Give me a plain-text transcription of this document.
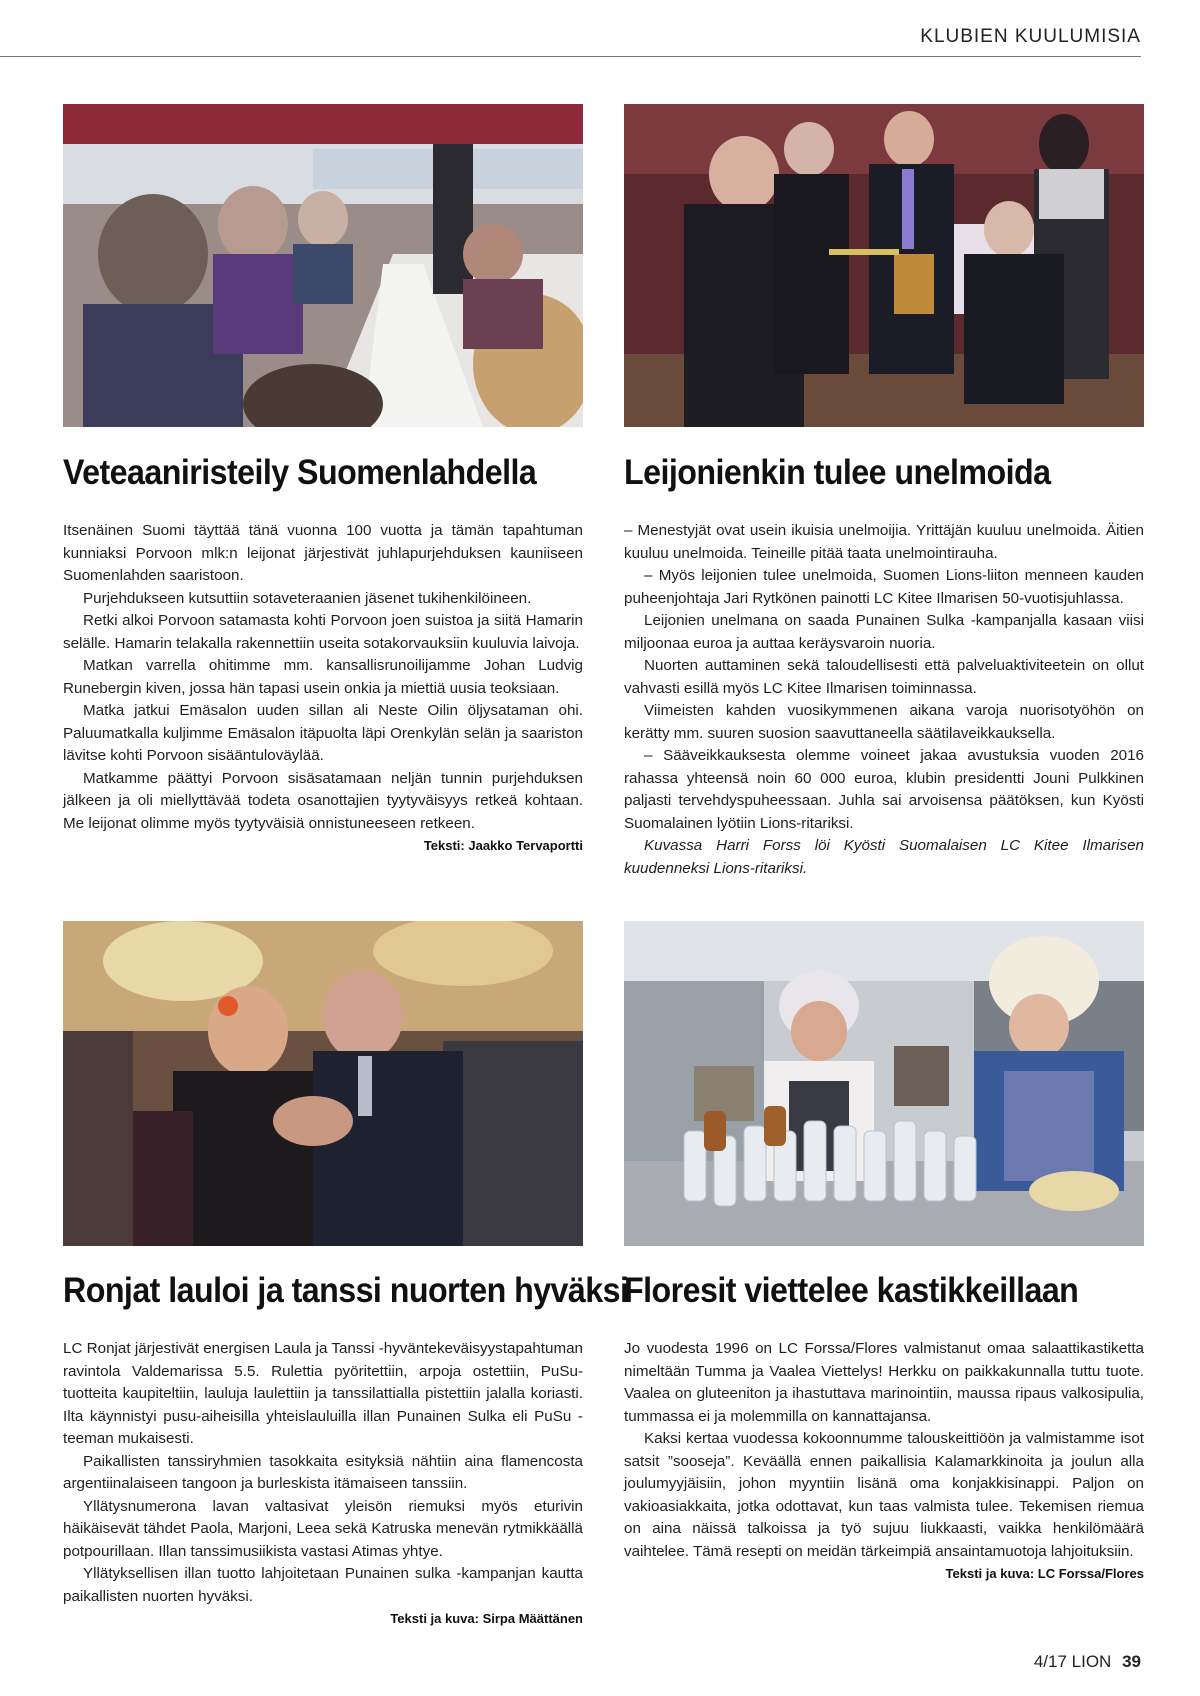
KLUBIEN KUULUMISIA
Veteaaniristeily Suomenlahdella

Itsenäinen Suomi täyttää tänä vuonna 100 vuotta ja tämän tapahtuman kunniaksi Porvoon mlk:n leijonat järjestivät juhlapurjehduksen kauniiseen Suomenlahden saaristoon.

Purjehdukseen kutsuttiin sotaveteraanien jäsenet tukihenkilöineen.

Retki alkoi Porvoon satamasta kohti Porvoon joen suistoa ja siitä Hamarin selälle. Hamarin telakalla rakennettiin useita sotakorvauksiin kuuluvia laivoja.

Matkan varrella ohitimme mm. kansallisrunoilijamme Johan Ludvig Runebergin kiven, jossa hän tapasi usein onkia ja miettiä uusia teoksiaan.

Matka jatkui Emäsalon uuden sillan ali Neste Oilin öljysataman ohi. Paluumatkalla kuljimme Emäsalon itäpuolta läpi Orenkylän selän ja saariston lävitse kohti Porvoon sisääntuloväylää.

Matkamme päättyi Porvoon sisäsatamaan neljän tunnin purjehduksen jälkeen ja oli miellyttävää todeta osanottajien tyytyväisyys retkeä kohtaan. Me leijonat olimme myös tyytyväisiä onnistuneeseen retkeen.

Teksti: Jaakko Tervaportti
Leijonienkin tulee unelmoida

– Menestyjät ovat usein ikuisia unelmoijia. Yrittäjän kuuluu unelmoida. Äitien kuuluu unelmoida. Teineille pitää taata unelmointirauha.

– Myös leijonien tulee unelmoida, Suomen Lions-liiton menneen kauden puheenjohtaja Jari Rytkönen painotti LC Kitee Ilmarisen 50-vuotisjuhlassa.

Leijonien unelmana on saada Punainen Sulka -kampanjalla kasaan viisi miljoonaa euroa ja auttaa keräysvaroin nuoria.

Nuorten auttaminen sekä taloudellisesti että palveluaktiviteetein on ollut vahvasti esillä myös LC Kitee Ilmarisen toiminnassa.

Viimeisten kahden vuosikymmenen aikana varoja nuorisotyöhön on kerätty mm. suuren suosion saavuttaneella säätilaveikkauksella.

– Sääveikkauksesta olemme voineet jakaa avustuksia vuoden 2016 rahassa yhteensä noin 60 000 euroa, klubin presidentti Jouni Pulkkinen paljasti tervehdyspuheessaan. Juhla sai arvoisensa päätöksen, kun Kyösti Suomalainen lyötiin Lions-ritariksi.

Kuvassa Harri Forss löi Kyösti Suomalaisen LC Kitee Ilmarisen kuudenneksi Lions-ritariksi.

Ronjat lauloi ja tanssi nuorten hyväksi

LC Ronjat järjestivät energisen Laula ja Tanssi -hyväntekeväisyystapahtuman ravintola Valdemarissa 5.5. Rulettia pyöritettiin, arpoja ostettiin, PuSu-tuotteita kaupiteltiin, lauluja laulettiin ja tanssilattialla pistettiin jalalla koriasti. Ilta käynnistyi pusu-aiheisilla yhteislauluilla illan Punainen Sulka eli PuSu -teeman mukaisesti.

Paikallisten tanssiryhmien tasokkaita esityksiä nähtiin aina flamencosta argentiinalaiseen tangoon ja burleskista itämaiseen tanssiin.

Yllätysnumerona lavan valtasivat yleisön riemuksi myös eturivin häikäisevät tähdet Paola, Marjoni, Leea sekä Katruska menevän rytmikkäällä potpourillaan. Illan tanssimusiikista vastasi Atimas yhtye.

Yllätyksellisen illan tuotto lahjoitetaan Punainen sulka -kampanjan kautta paikallisten nuorten hyväksi.

Teksti ja kuva: Sirpa Määttänen
Floresit viettelee kastikkeillaan

Jo vuodesta 1996 on LC Forssa/Flores valmistanut omaa salaattikastiketta nimeltään Tumma ja Vaalea Viettelys! Herkku on paikkakunnalla tuttu tuote. Vaalea on gluteeniton ja ihastuttava marinointiin, maussa ripaus valkosipulia, tummassa ei ja molemmilla on kannattajansa.

Kaksi kertaa vuodessa kokoonnumme talouskeittiöön ja valmistamme isot satsit ”sooseja”. Keväällä ennen paikallisia Kalamarkkinoita ja joulun alla joulumyyjäisiin, johon myyntiin lisänä oma konjakkisinappi. Paljon on vakioasiakkaita, jotka odottavat, kun taas valmista tulee. Tekemisen riemua on aina näissä talkoissa ja työ sujuu liukkaasti, vaikka henkilömäärä vaihtelee. Tämä resepti on meidän tärkeimpiä ansaintamuotoja lahjoituksiin.

Teksti ja kuva: LC Forssa/Flores
4/17 LION 39
